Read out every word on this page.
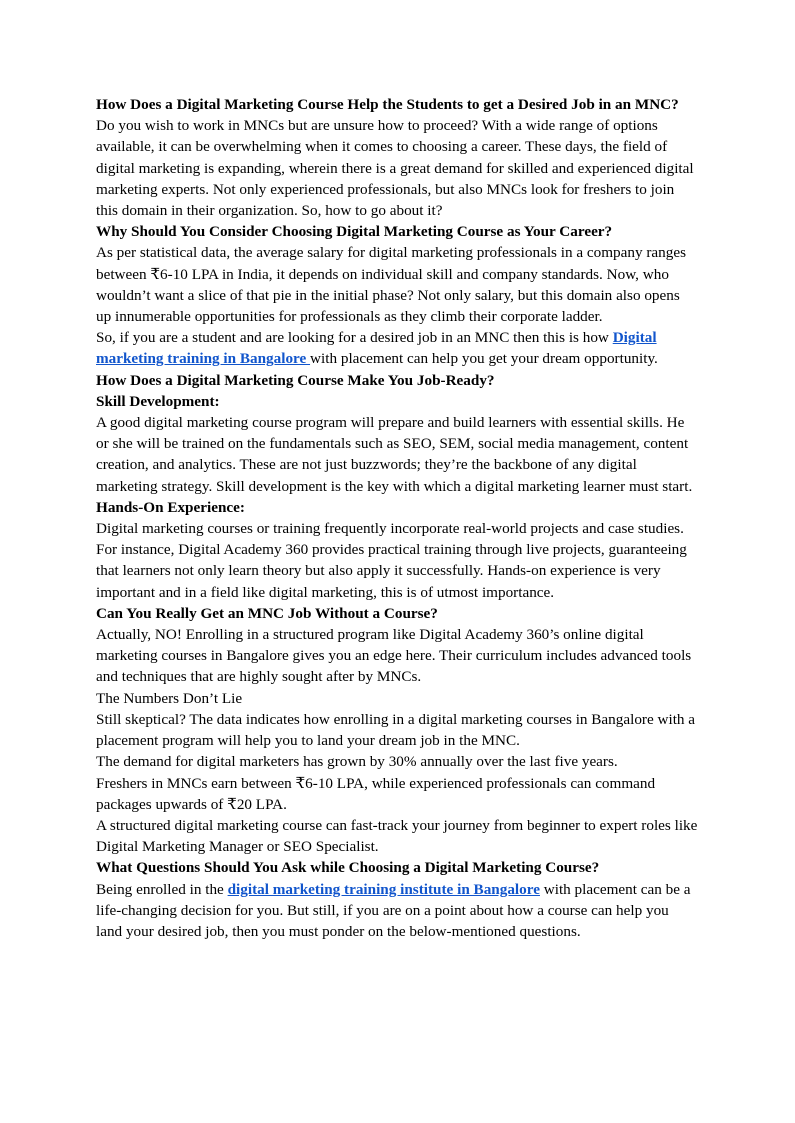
How Does a Digital Marketing Course Help the Students to get a Desired Job in an MNC?

Do you wish to work in MNCs but are unsure how to proceed? With a wide range of options available, it can be overwhelming when it comes to choosing a career. These days, the field of digital marketing is expanding, wherein there is a great demand for skilled and experienced digital marketing experts. Not only experienced professionals, but also MNCs look for freshers to join this domain in their organization. So, how to go about it?

Why Should You Consider Choosing Digital Marketing Course as Your Career?

As per statistical data, the average salary for digital marketing professionals in a company ranges between ₹6-10 LPA in India, it depends on individual skill and company standards. Now, who wouldn’t want a slice of that pie in the initial phase? Not only salary, but this domain also opens up innumerable opportunities for professionals as they climb their corporate ladder.

So, if you are a student and are looking for a desired job in an MNC then this is how Digital marketing training in Bangalore with placement can help you get your dream opportunity.

How Does a Digital Marketing Course Make You Job-Ready?

Skill Development:

A good digital marketing course program will prepare and build learners with essential skills. He or she will be trained on the fundamentals such as SEO, SEM, social media management, content creation, and analytics. These are not just buzzwords; they’re the backbone of any digital marketing strategy. Skill development is the key with which a digital marketing learner must start.

Hands-On Experience:

Digital marketing courses or training frequently incorporate real-world projects and case studies. For instance, Digital Academy 360 provides practical training through live projects, guaranteeing that learners not only learn theory but also apply it successfully. Hands-on experience is very important and in a field like digital marketing, this is of utmost importance.

Can You Really Get an MNC Job Without a Course?

Actually, NO! Enrolling in a structured program like Digital Academy 360’s online digital marketing courses in Bangalore gives you an edge here. Their curriculum includes advanced tools and techniques that are highly sought after by MNCs.

The Numbers Don’t Lie

Still skeptical? The data indicates how enrolling in a digital marketing courses in Bangalore with a placement program will help you to land your dream job in the MNC.

The demand for digital marketers has grown by 30% annually over the last five years.

Freshers in MNCs earn between ₹6-10 LPA, while experienced professionals can command packages upwards of ₹20 LPA.

A structured digital marketing course can fast-track your journey from beginner to expert roles like Digital Marketing Manager or SEO Specialist.

What Questions Should You Ask while Choosing a Digital Marketing Course?

Being enrolled in the digital marketing training institute in Bangalore with placement can be a life-changing decision for you. But still, if you are on a point about how a course can help you land your desired job, then you must ponder on the below-mentioned questions.
